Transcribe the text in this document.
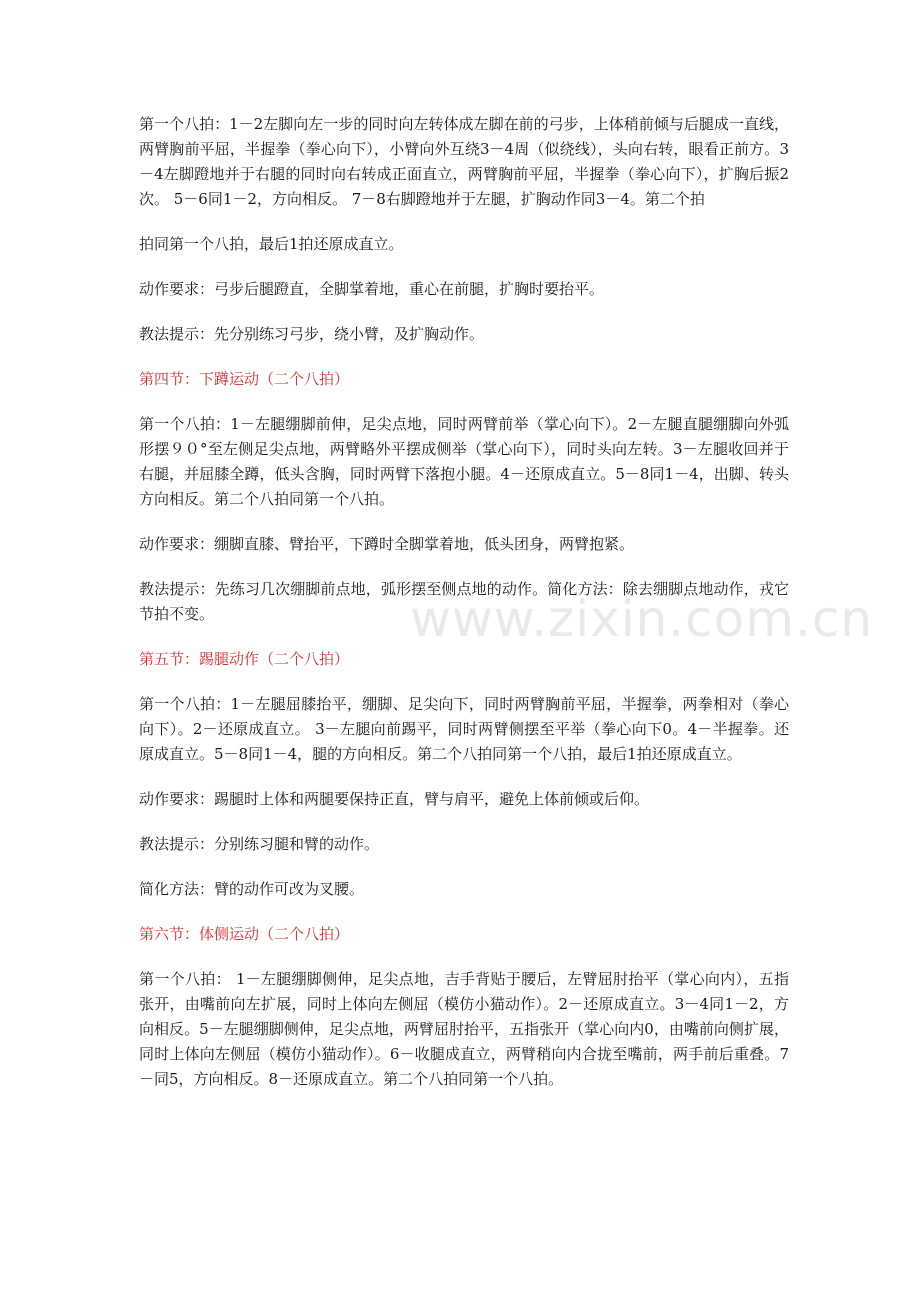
www.zixin.com.cn

第一个八拍：1－2左脚向左一步的同时向左转体成左脚在前的弓步，上体稍前倾与后腿成一直线，两臂胸前平屈，半握拳（拳心向下），小臂向外互绕3－4周（似绕线），头向右转，眼看正前方。3－4左脚蹬地并于右腿的同时向右转成正面直立，两臂胸前平屈，半握拳（拳心向下），扩胸后振2次。 5－6同1－2，方向相反。 7－8右脚蹬地并于左腿，扩胸动作同3－4。第二个拍

拍同第一个八拍，最后1拍还原成直立。

动作要求：弓步后腿蹬直，全脚掌着地，重心在前腿，扩胸时要抬平。

教法提示：先分别练习弓步，绕小臂，及扩胸动作。

第四节：下蹲运动（二个八拍）

第一个八拍：1－左腿绷脚前伸，足尖点地，同时两臂前举（掌心向下）。2－左腿直腿绷脚向外弧形摆９０°至左侧足尖点地，两臂略外平摆成侧举（掌心向下），同时头向左转。3－左腿收回并于右腿，并屈膝全蹲，低头含胸，同时两臂下落抱小腿。4－还原成直立。5－8同1－4，出脚、转头方向相反。第二个八拍同第一个八拍。

动作要求：绷脚直膝、臂抬平，下蹲时全脚掌着地，低头团身，两臂抱紧。

教法提示：先练习几次绷脚前点地，弧形摆至侧点地的动作。简化方法：除去绷脚点地动作，戎它节拍不变。

第五节：踢腿动作（二个八拍）

第一个八拍：1－左腿屈膝抬平，绷脚、足尖向下，同时两臂胸前平屈，半握拳，两拳相对（拳心向下）。2－还原成直立。 3－左腿向前踢平，同时两臂侧摆至平举（拳心向下0。4－半握拳。还原成直立。5－8同1－4，腿的方向相反。第二个八拍同第一个八拍，最后1拍还原成直立。

动作要求：踢腿时上体和两腿要保持正直，臂与肩平，避免上体前倾或后仰。

教法提示：分别练习腿和臂的动作。

简化方法：臂的动作可改为叉腰。

第六节：体侧运动（二个八拍）

第一个八拍： 1－左腿绷脚侧伸，足尖点地，吉手背贴于腰后，左臂屈肘抬平（掌心向内），五指张开，由嘴前向左扩展，同时上体向左侧屈（模仿小猫动作）。2－还原成直立。3－4同1－2，方向相反。5－左腿绷脚侧伸，足尖点地，两臂屈肘抬平，五指张开（掌心向内0，由嘴前向侧扩展，同时上体向左侧屈（模仿小猫动作）。6－收腿成直立，两臂稍向内合拢至嘴前，两手前后重叠。7－同5，方向相反。8－还原成直立。第二个八拍同第一个八拍。
